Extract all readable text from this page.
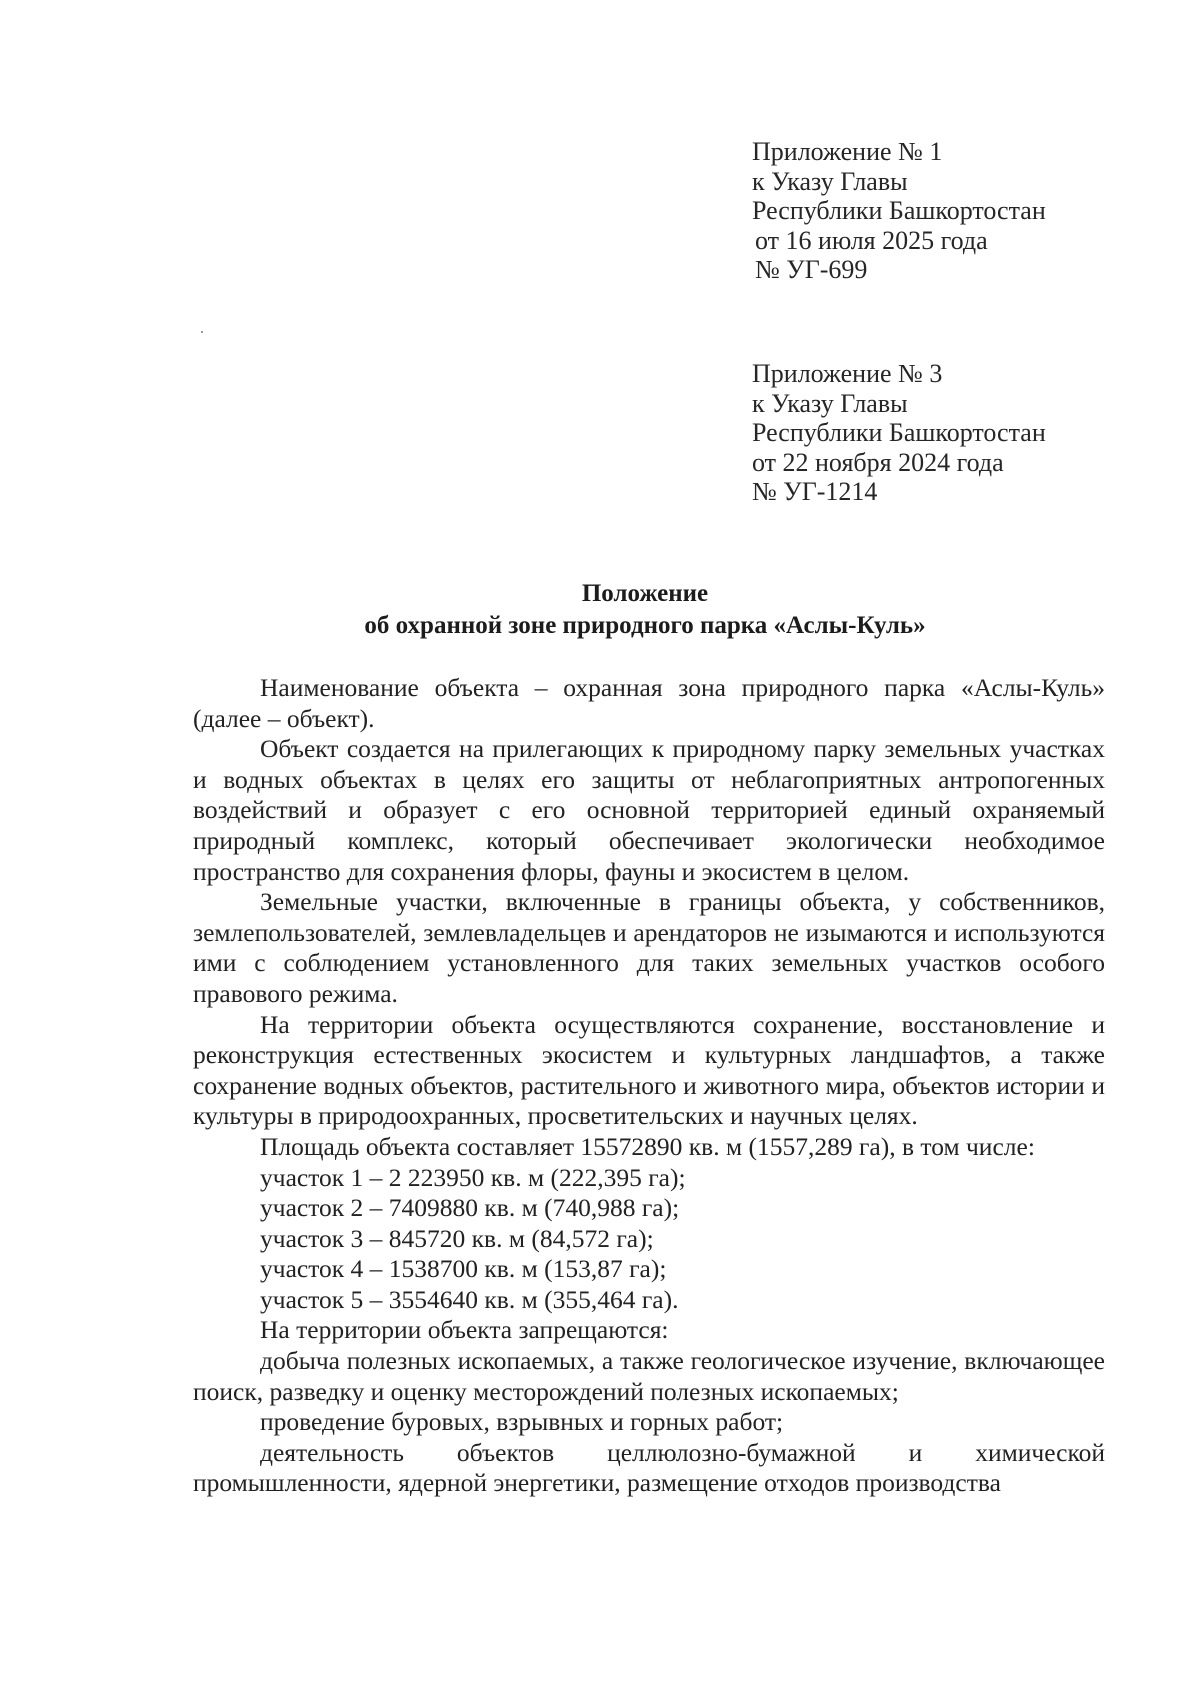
Приложение № 1
к Указу Главы
Республики Башкортостан
от 16 июля 2025 года
№ УГ-699
Приложение № 3
к Указу Главы
Республики Башкортостан
от 22 ноября 2024 года
№ УГ-1214
Положение
об охранной зоне природного парка «Аслы-Куль»

Наименование объекта – охранная зона природного парка «Аслы-Куль» (далее – объект).

Объект создается на прилегающих к природному парку земельных участках и водных объектах в целях его защиты от неблагоприятных антропогенных воздействий и образует с его основной территорией единый охраняемый природный комплекс, который обеспечивает экологически необходимое пространство для сохранения флоры, фауны и экосистем в целом.

Земельные участки, включенные в границы объекта, у собственников, землепользователей, землевладельцев и арендаторов не изымаются и используются ими с соблюдением установленного для таких земельных участков особого правового режима.

На территории объекта осуществляются сохранение, восстановление и реконструкция естественных экосистем и культурных ландшафтов, а также сохранение водных объектов, растительного и животного мира, объектов истории и культуры в природоохранных, просветительских и научных целях.

Площадь объекта составляет 15572890 кв. м (1557,289 га), в том числе:

участок 1 – 2 223950 кв. м (222,395 га);

участок 2 – 7409880 кв. м (740,988 га);

участок 3 – 845720 кв. м (84,572 га);

участок 4 – 1538700 кв. м (153,87 га);

участок 5 – 3554640 кв. м (355,464 га).

На территории объекта запрещаются:

добыча полезных ископаемых, а также геологическое изучение, включающее поиск, разведку и оценку месторождений полезных ископаемых;

проведение буровых, взрывных и горных работ;

деятельность объектов целлюлозно-бумажной и химической промышленности, ядерной энергетики, размещение отходов производства
